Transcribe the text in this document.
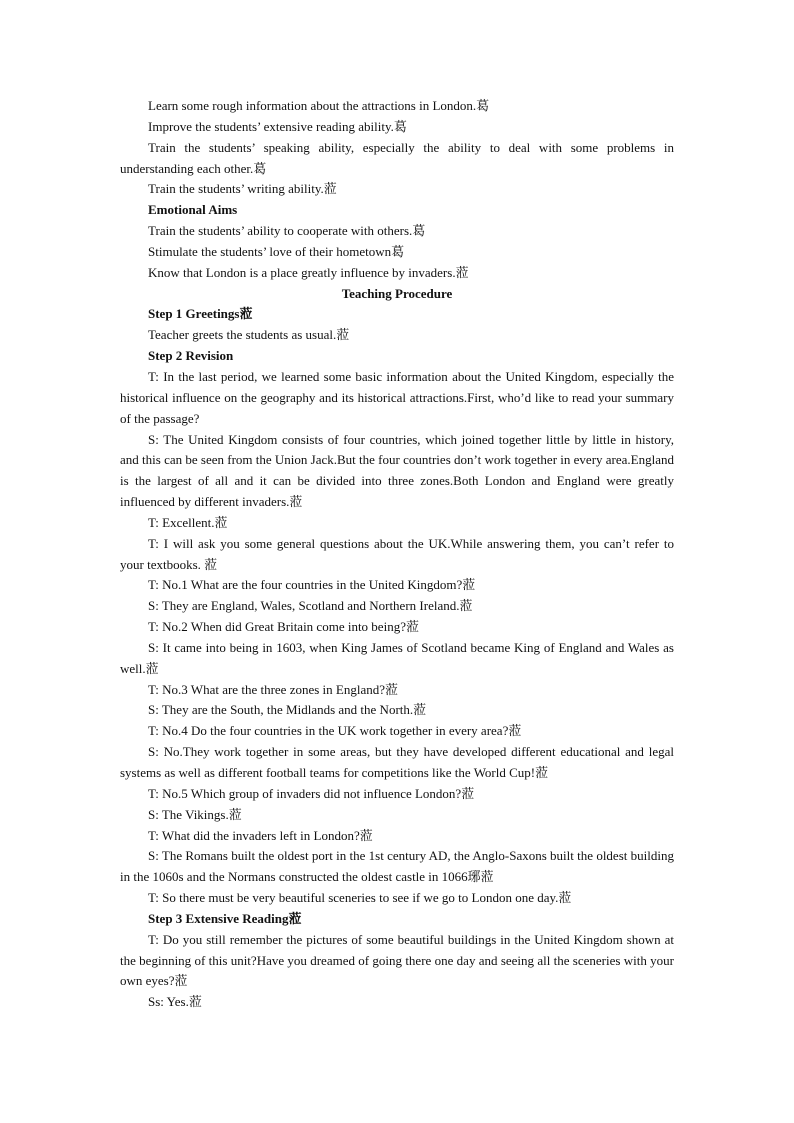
Learn some rough information about the attractions in London.葛

Improve the students’ extensive reading ability.葛

Train the students’ speaking ability, especially the ability to deal with some problems in understanding each other.葛

Train the students’ writing ability.蒞

Emotional Aims

Train the students’ ability to cooperate with others.葛

Stimulate the students’ love of their hometown葛

Know that London is a place greatly influence by invaders.蒞

Teaching Procedure

Step 1 Greetings蒞

Teacher greets the students as usual.蒞

Step 2 Revision

T: In the last period, we learned some basic information about the United Kingdom, especially the historical influence on the geography and its historical attractions.First, who’d like to read your summary of the passage?

S: The United Kingdom consists of four countries, which joined together little by little in history, and this can be seen from the Union Jack.But the four countries don’t work together in every area.England is the largest of all and it can be divided into three zones.Both London and England were greatly influenced by different invaders.蒞

T: Excellent.蒞

T: I will ask you some general questions about the UK.While answering them, you can’t refer to your textbooks. 蒞

T: No.1 What are the four countries in the United Kingdom?蒞

S: They are England, Wales, Scotland and Northern Ireland.蒞

T: No.2 When did Great Britain come into being?蒞

S: It came into being in 1603, when King James of Scotland became King of England and Wales as well.蒞

T: No.3 What are the three zones in England?蒞

S: They are the South, the Midlands and the North.蒞

T: No.4 Do the four countries in the UK work together in every area?蒞

S: No.They work together in some areas, but they have developed different educational and legal systems as well as different football teams for competitions like the World Cup!蒞

T: No.5 Which group of invaders did not influence London?蒞

S: The Vikings.蒞

T: What did the invaders left in London?蒞

S: The Romans built the oldest port in the 1st century AD, the Anglo-Saxons built the oldest building in the 1060s and the Normans constructed the oldest castle in 1066琊蒞

T: So there must be very beautiful sceneries to see if we go to London one day.蒞

Step 3 Extensive Reading蒞

T: Do you still remember the pictures of some beautiful buildings in the United Kingdom shown at the beginning of this unit?Have you dreamed of going there one day and seeing all the sceneries with your own eyes?蒞

Ss: Yes.蒞
